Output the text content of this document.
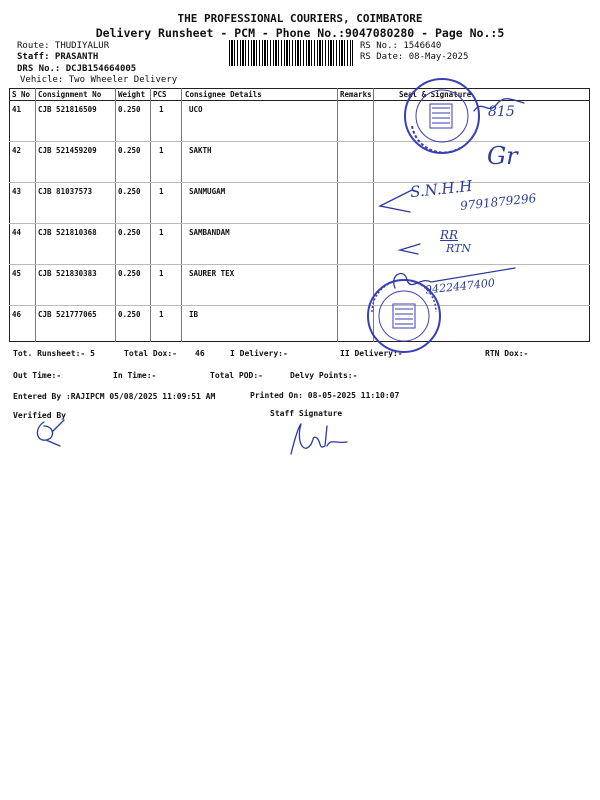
THE PROFESSIONAL COURIERS, COIMBATORE
Delivery Runsheet - PCM - Phone No.:9047080280 - Page No.:5
Route: THUDIYALUR
Staff: PRASANTH
DRS No.: DCJB154664005
Vehicle: Two Wheeler Delivery
RS No.: 1546640
RS Date: 08-May-2025
S No Consignment No Weight PCS Consignee Details	Remarks	Seal & Signature
41 CJB 521816509	0.250 1	UCO
42 CJB 521459209	0.250 1	SAKTH
43 CJB 81037573	0.250 1	SANMUGAM
44 CJB 521810368	0.250 1	SAMBANDAM
45 CJB 521830383	0.250 1	SAURER TEX
46 CJB 521777065	0.250 1	IB
815
Gr
S.N.H.H
9791879296
RR
RTN
9422447400
Tot. Runsheet:- 5	Total Dox:- 46	I Delivery:-	II Delivery:-	RTN Dox:-
Out Time:-	In Time:-	Total POD:-	Delvy Points:-
Entered By :RAJIPCM 05/08/2025 11:09:51 AM	Printed On: 08-05-2025 11:10:07
Verified By	Staff Signature
